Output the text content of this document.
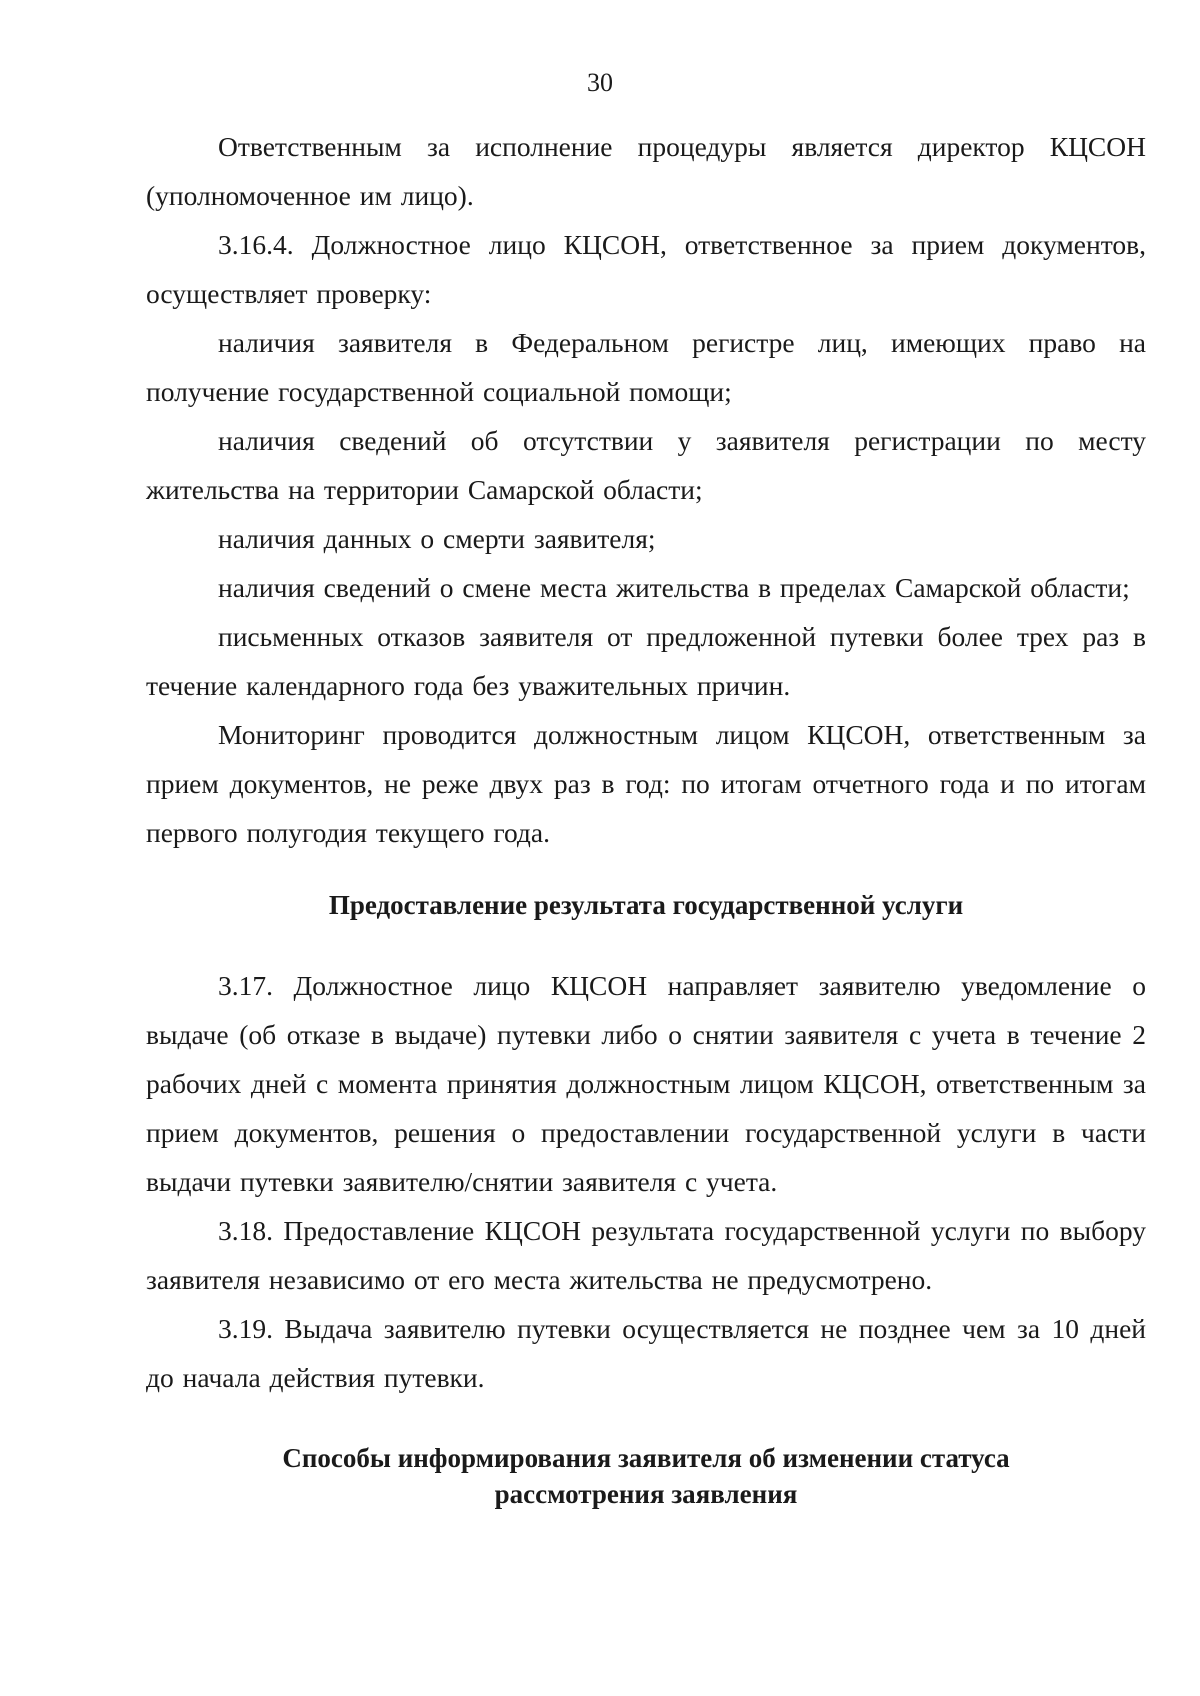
30

Ответственным за исполнение процедуры является директор КЦСОН (уполномоченное им лицо).

3.16.4. Должностное лицо КЦСОН, ответственное за прием документов, осуществляет проверку:

наличия заявителя в Федеральном регистре лиц, имеющих право на получение государственной социальной помощи;

наличия сведений об отсутствии у заявителя регистрации по месту жительства на территории Самарской области;

наличия данных о смерти заявителя;

наличия сведений о смене места жительства в пределах Самарской области;

письменных отказов заявителя от предложенной путевки более трех раз в течение календарного года без уважительных причин.

Мониторинг проводится должностным лицом КЦСОН, ответственным за прием документов, не реже двух раз в год: по итогам отчетного года и по итогам первого полугодия текущего года.

Предоставление результата государственной услуги

3.17. Должностное лицо КЦСОН направляет заявителю уведомление о выдаче (об отказе в выдаче) путевки либо о снятии заявителя с учета в течение 2 рабочих дней с момента принятия должностным лицом КЦСОН, ответственным за прием документов, решения о предоставлении государственной услуги в части выдачи путевки заявителю/снятии заявителя с учета.

3.18. Предоставление КЦСОН результата государственной услуги по выбору заявителя независимо от его места жительства не предусмотрено.

3.19. Выдача заявителю путевки осуществляется не позднее чем за 10 дней до начала действия путевки.

Способы информирования заявителя об изменении статуса
рассмотрения заявления
